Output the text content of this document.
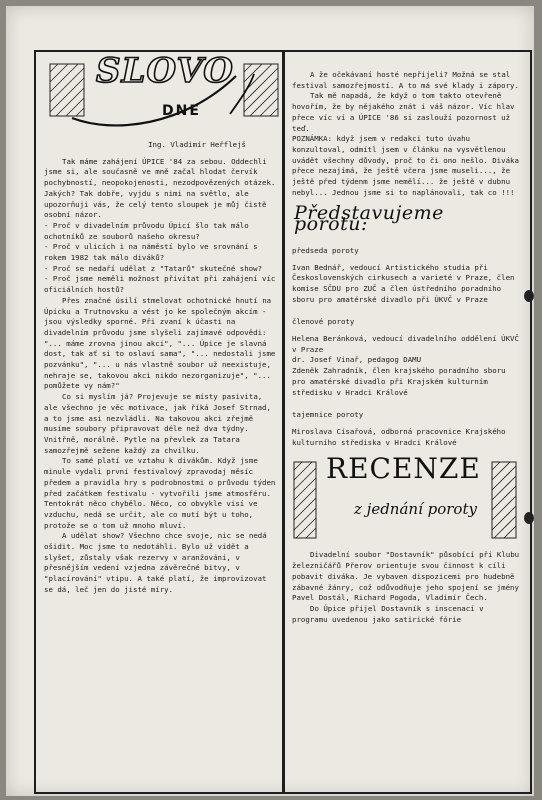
SLOVO
DNE
Ing. Vladimír Heřflejš

Tak máme zahájení ÚPICE '84 za sebou. Oddechli jsme si, ale současně ve mně začal hlodat červík pochybností, neopokojenosti, nezodpovězených otázek. Jakých? Tak dobře, vyjdu s nimi na světlo, ale upozorňuji vás, že celý tento sloupek je můj čistě osobní názor.

- Proč v divadelním průvodu Úpicí šlo tak málo ochotníků ze souborů našeho okresu?

- Proč v ulicích i na náměstí bylo ve srovnání s rokem 1982 tak málo diváků?

- Proč se nedaří udělat z "Tatarů" skutečné show?

- Proč jsme neměli možnost přivítat při zahájení víc oficiálních hostů?

Přes značné úsilí stmelovat ochotnické hnutí na Úpicku a Trutnovsku a vést jo ke společným akcím - jsou výsledky sporné. Při zvaní k účasti na divadelním průvodu jsme slyšeli zajímavé odpovědi: "... máme zrovna jinou akci", "... Úpice je slavná dost, tak ať si to oslaví sama", "... nedostali jsme pozvánku", "... u nás vlastně soubor už neexistuje, nehraje se, takovou akci nikdo nezorganizuje", "... pomůžete vy nám?"

Co si myslím já? Projevuje se místy pasivita, ale všechno je věc motivace, jak říká Josef Strnad, a to jsme asi nezvládli. Na takovou akci zřejmě musíme soubory připravovat déle než dva týdny. Vnitřně, morálně. Pytle na převlek za Tatara samozřejmě sežene každý za chvilku.

To samé platí ve vztahu k divákům. Když jsme minule vydali první festivalový zpravodaj měsíc předem a pravidla hry s podrobnostmi o průvodu týden před začátkem festivalu - vytvořili jsme atmosféru. Tentokrát něco chybělo. Něco, co obvykle visí ve vzduchu, nedá se určit, ale co mutí být u toho, protože se o tom už mnoho mluví.

A udělat show? Všechno chce svoje, nic se nedá ošidit. Moc jsme to nedotáhli. Bylo už vidět a slyšet, zůstaly však rezervy v aranžování, v přesnějším vedení vzjedna závěrečné bitvy, v "placírování" vtipu. A také platí, že improvizovat se dá, leč jen do jisté míry.

A že očekávaní hosté nepřijeli? Možná se stal festival samozřejmostí. A to má své klady i zápory.

Tak mě napadá, že když o tom takto otevřeně hovořím, že by nějakého znát i váš názor. Víc hlav přece víc ví a ÚPICE '86 si zaslouží pozornost už teď.

POZNÁMKA: když jsem v redakci tuto úvahu konzultoval, odmítl jsem v článku na vysvětlenou uvádět všechny důvody, proč to či ono nešlo. Diváka přece nezajímá, že ještě včera jsme museli..., že ještě před týdenm jsme nemělí... že ještě v dubnu nebyl... Jednou jsme si to naplánovali, tak co !!!

Představujeme porotu:
předseda poroty

Ivan Bednář, vedoucí Artistického studia při Československých cirkusech a varieté v Praze, člen komise SČDU pro ZUČ a člen ústředního poradního sboru pro amatérské divadlo při ÚKVČ v Praze

členové poroty

Helena Beránková, vedoucí divadelního oddělení ÚKVČ v Praze
dr. Josef Vinař, pedagog DAMU
Zdeněk Zahradník, člen krajského poradního sboru pro amatérské divadlo při Krajském kulturním středisku v Hradci Králové

tajemnice poroty

Miroslava Císařová, odborná pracovnice Krajského kulturního střediska v Hradci Králové

RECENZE
z jednání poroty

Divadelní soubor "Dostavník" působící při Klubu železničářů Přerov orientuje svou činnost k cíli pobavit diváka. Je vybaven dispozicemi pro hudebně zábavné žánry, což odůvodňuje jeho spojení se jmény Pavel Dostál, Richard Pogoda, Vladimír Čech.

Do Úpice přijel Dostavník s inscenací v programu uvedenou jako satirické fórie
